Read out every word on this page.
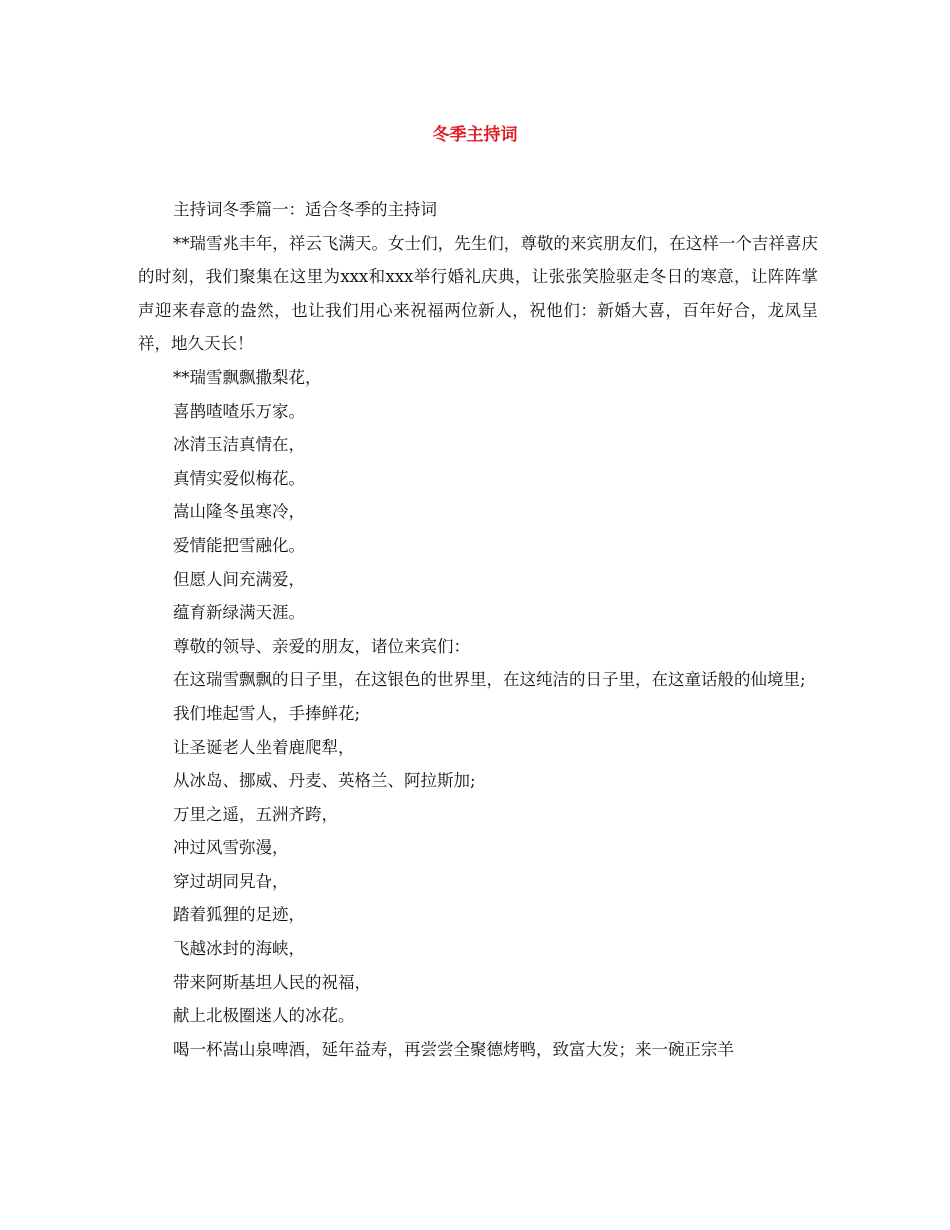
冬季主持词

主持词冬季篇一：适合冬季的主持词

**瑞雪兆丰年，祥云飞满天。女士们，先生们，尊敬的来宾朋友们，在这样一个吉祥喜庆的时刻，我们聚集在这里为xxx和xxx举行婚礼庆典，让张张笑脸驱走冬日的寒意，让阵阵掌声迎来春意的盎然，也让我们用心来祝福两位新人，祝他们：新婚大喜，百年好合，龙凤呈祥，地久天长！

**瑞雪飘飘撒梨花，

喜鹊喳喳乐万家。

冰清玉洁真情在，

真情实爱似梅花。

嵩山隆冬虽寒冷，

爱情能把雪融化。

但愿人间充满爱，

蕴育新绿满天涯。

尊敬的领导、亲爱的朋友，诸位来宾们：

在这瑞雪飘飘的日子里，在这银色的世界里，在这纯洁的日子里，在这童话般的仙境里;

我们堆起雪人，手捧鲜花;

让圣诞老人坐着鹿爬犁，

从冰岛、挪威、丹麦、英格兰、阿拉斯加;

万里之遥，五洲齐跨，

冲过风雪弥漫，

穿过胡同旯旮，

踏着狐狸的足迹，

飞越冰封的海峡，

带来阿斯基坦人民的祝福，

献上北极圈迷人的冰花。

喝一杯嵩山泉啤酒，延年益寿，再尝尝全聚德烤鸭，致富大发；来一碗正宗羊
